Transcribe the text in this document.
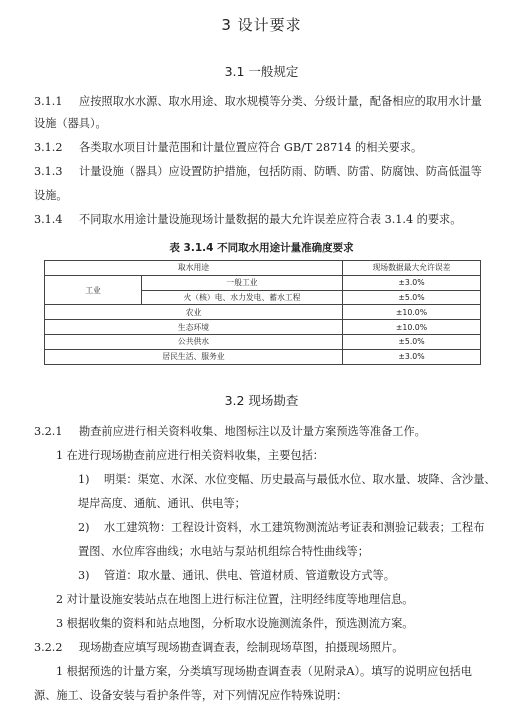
3 设计要求
3.1 一般规定
3.1.1 应按照取水水源、取水用途、取水规模等分类、分级计量，配备相应的取用水计量
设施（器具）。
3.1.2 各类取水项目计量范围和计量位置应符合 GB/T 28714 的相关要求。
3.1.3 计量设施（器具）应设置防护措施，包括防雨、防晒、防雷、防腐蚀、防高低温等
设施。
3.1.4 不同取水用途计量设施现场计量数据的最大允许误差应符合表 3.1.4 的要求。
表 3.1.4 不同取水用途计量准确度要求
取水用途		现场数据最大允许误差
工业	一般工业	±3.0%
	火（核）电、水力发电、蓄水工程	±5.0%
农业		±10.0%
生态环境		±10.0%
公共供水		±5.0%
居民生活、服务业		±3.0%
3.2 现场勘查
3.2.1 勘查前应进行相关资料收集、地图标注以及计量方案预选等准备工作。
1 在进行现场勘查前应进行相关资料收集，主要包括：
1) 明渠：渠宽、水深、水位变幅、历史最高与最低水位、取水量、坡降、含沙量、
堤岸高度、通航、通讯、供电等；
2) 水工建筑物：工程设计资料，水工建筑物测流站考证表和测验记载表；工程布
置图、水位库容曲线；水电站与泵站机组综合特性曲线等；
3) 管道：取水量、通讯、供电、管道材质、管道敷设方式等。
2 对计量设施安装站点在地图上进行标注位置，注明经纬度等地理信息。
3 根据收集的资料和站点地图，分析取水设施测流条件，预选测流方案。
3.2.2 现场勘查应填写现场勘查调查表，绘制现场草图，拍摄现场照片。
1 根据预选的计量方案，分类填写现场勘查调查表（见附录A）。填写的说明应包括电
源、施工、设备安装与看护条件等，对下列情况应作特殊说明：
